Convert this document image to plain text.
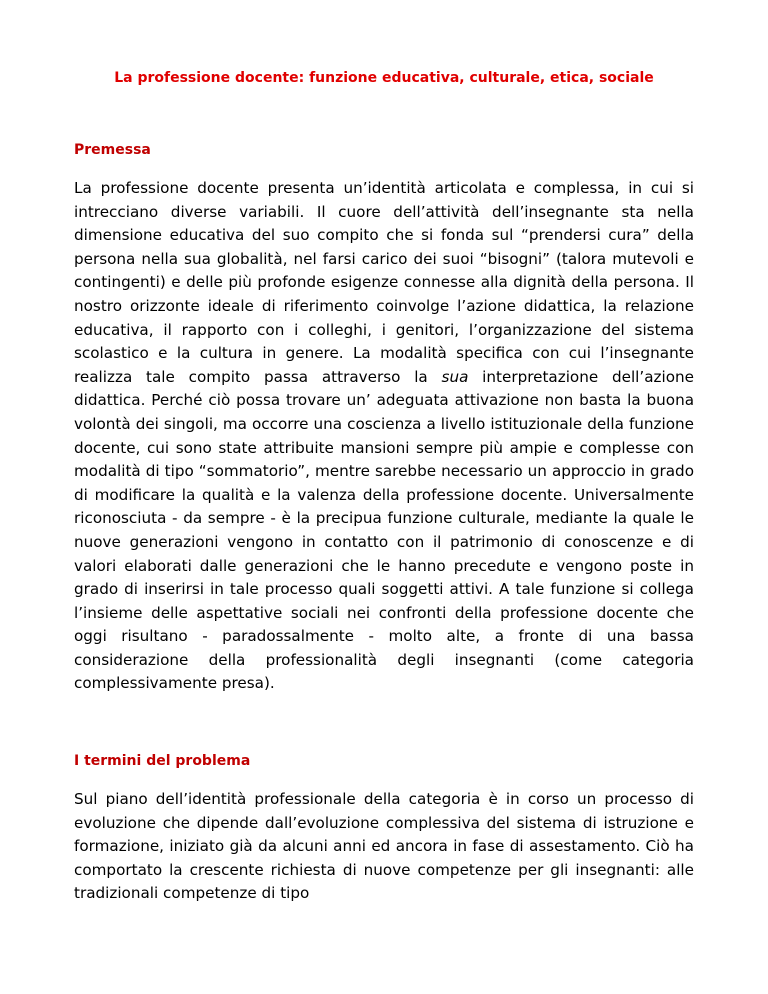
La professione docente: funzione educativa, culturale, etica, sociale
Premessa

La professione docente presenta un’identità articolata e complessa, in cui si intrecciano diverse variabili. Il cuore dell’attività dell’insegnante sta nella dimensione educativa del suo compito che si fonda sul “prendersi cura” della persona nella sua globalità, nel farsi carico dei suoi “bisogni” (talora mutevoli e contingenti) e delle più profonde esigenze connesse alla dignità della persona. Il nostro orizzonte ideale di riferimento coinvolge l’azione didattica, la relazione educativa, il rapporto con i colleghi, i genitori, l’organizzazione del sistema scolastico e la cultura in genere. La modalità specifica con cui l’insegnante realizza tale compito passa attraverso la sua interpretazione dell’azione didattica. Perché ciò possa trovare un’ adeguata attivazione non basta la buona volontà dei singoli, ma occorre una coscienza a livello istituzionale della funzione docente, cui sono state attribuite mansioni sempre più ampie e complesse con modalità di tipo “sommatorio”, mentre sarebbe necessario un approccio in grado di modificare la qualità e la valenza della professione docente. Universalmente riconosciuta - da sempre - è la precipua funzione culturale, mediante la quale le nuove generazioni vengono in contatto con il patrimonio di conoscenze e di valori elaborati dalle generazioni che le hanno precedute e vengono poste in grado di inserirsi in tale processo quali soggetti attivi. A tale funzione si collega l’insieme delle aspettative sociali nei confronti della professione docente che oggi risultano - paradossalmente - molto alte, a fronte di una bassa considerazione della professionalità degli insegnanti (come categoria complessivamente presa).

I termini del problema

Sul piano dell’identità professionale della categoria è in corso un processo di evoluzione che dipende dall’evoluzione complessiva del sistema di istruzione e formazione, iniziato già da alcuni anni ed ancora in fase di assestamento. Ciò ha comportato la crescente richiesta di nuove competenze per gli insegnanti: alle tradizionali competenze di tipo
